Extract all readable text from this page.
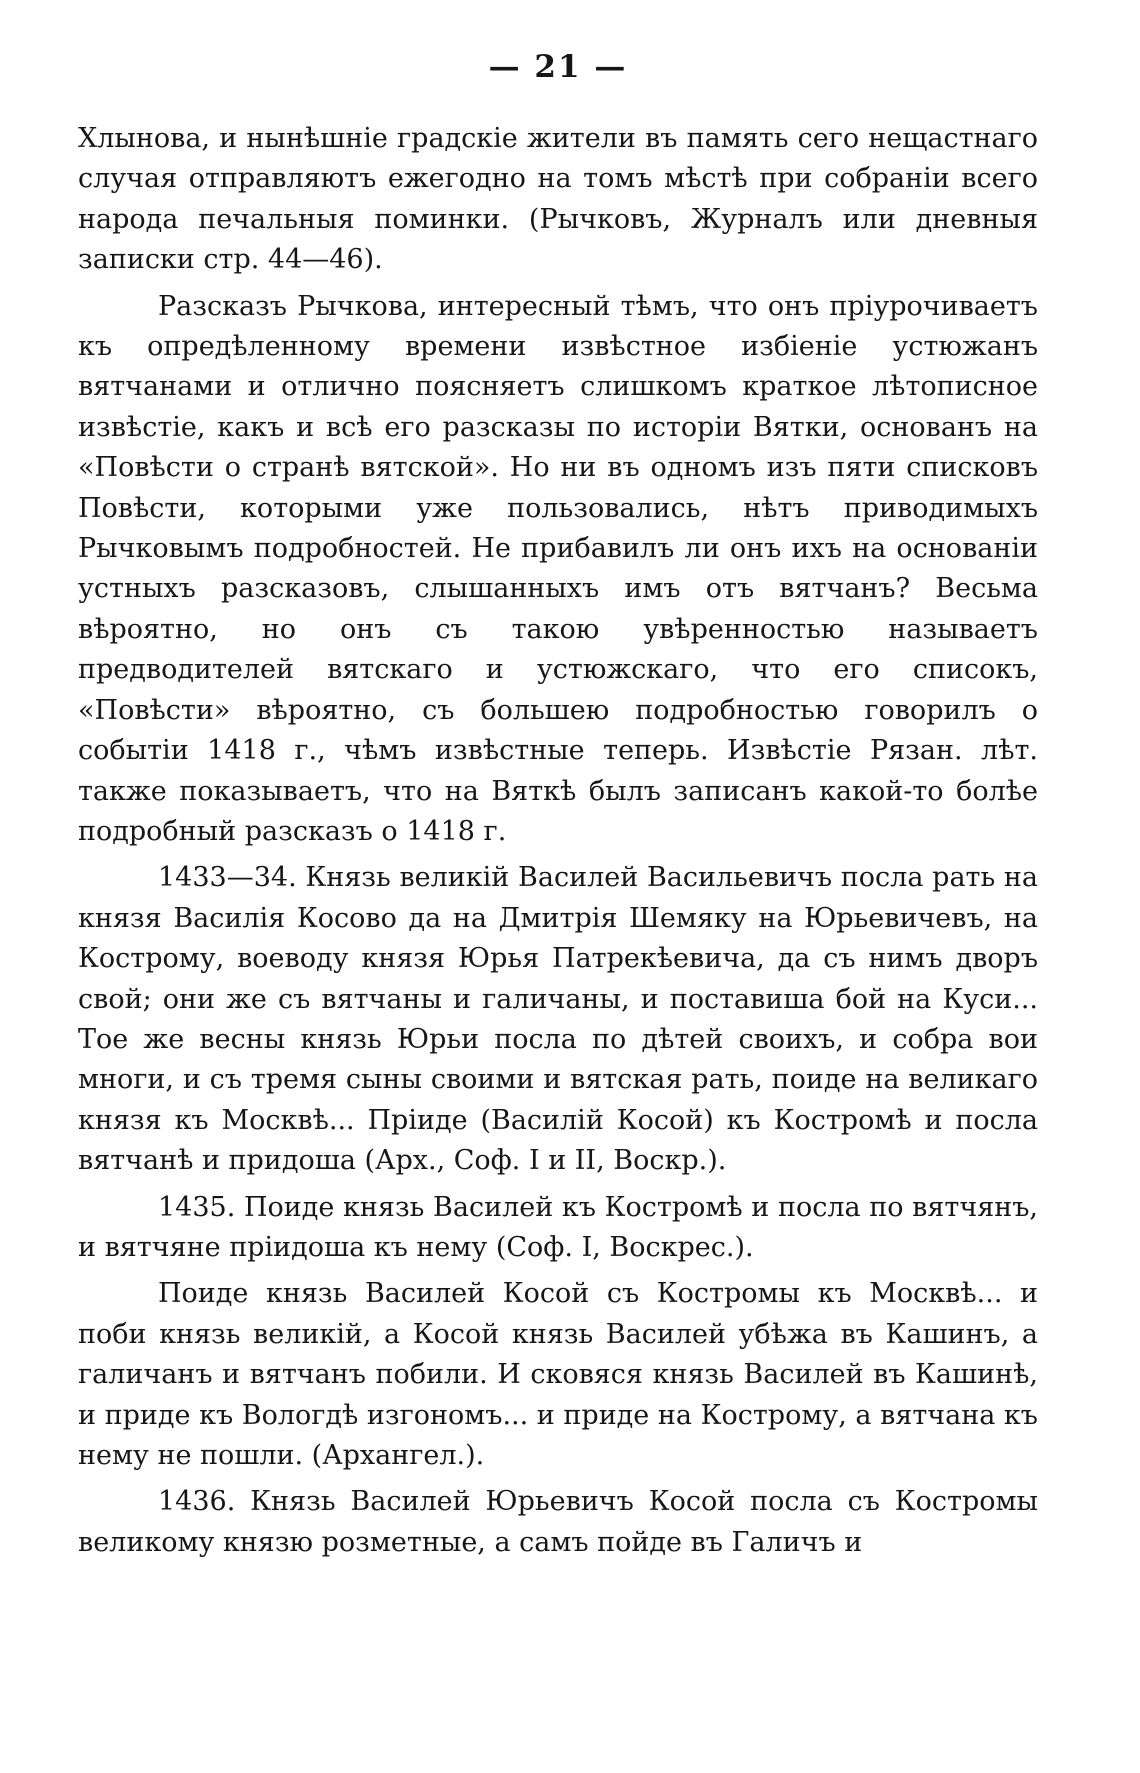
— 21 —

Хлынова, и нынѣшніе градскіе жители въ память сего нещастнаго случая отправляютъ ежегодно на томъ мѣстѣ при собраніи всего народа печальныя поминки. (Рычковъ, Журналъ или дневныя записки стр. 44—46).

Разсказъ Рычкова, интересный тѣмъ, что онъ пріурочиваетъ къ опредѣленному времени извѣстное избіеніе устюжанъ вятчанами и отлично поясняетъ слишкомъ краткое лѣтописное извѣстіе, какъ и всѣ его разсказы по исторіи Вятки, основанъ на «Повѣсти о странѣ вятской». Но ни въ одномъ изъ пяти списковъ Повѣсти, которыми уже пользовались, нѣтъ приводимыхъ Рычковымъ подробностей. Не прибавилъ ли онъ ихъ на основаніи устныхъ разсказовъ, слышанныхъ имъ отъ вятчанъ? Весьма вѣроятно, но онъ съ такою увѣренностью называетъ предводителей вятскаго и устюжскаго, что его списокъ, «Повѣсти» вѣроятно, съ большею подробностью говорилъ о событіи 1418 г., чѣмъ извѣстные теперь. Извѣстіе Рязан. лѣт. также показываетъ, что на Вяткѣ былъ записанъ какой-то болѣе подробный разсказъ о 1418 г.

1433—34. Князь великій Василей Васильевичъ посла рать на князя Василія Косово да на Дмитрія Шемяку на Юрьевичевъ, на Кострому, воеводу князя Юрья Патрекѣевича, да съ нимъ дворъ свой; они же съ вятчаны и галичаны, и поставиша бой на Куси... Тое же весны князь Юрьи посла по дѣтей своихъ, и собра вои многи, и съ тремя сыны своими и вятская рать, поиде на великаго князя къ Москвѣ... Пріиде (Василій Косой) къ Костромѣ и посла вятчанѣ и придоша (Арх., Соф. I и II, Воскр.).

1435. Поиде князь Василей къ Костромѣ и посла по вятчянъ, и вятчяне пріидоша къ нему (Соф. I, Воскрес.).

Поиде князь Василей Косой съ Костромы къ Москвѣ... и поби князь великій, а Косой князь Василей убѣжа въ Кашинъ, а галичанъ и вятчанъ побили. И сковяся князь Василей въ Кашинѣ, и приде къ Вологдѣ изгономъ... и приде на Кострому, а вятчана къ нему не пошли. (Архангел.).

1436. Князь Василей Юрьевичъ Косой посла съ Костромы великому князю розметные, а самъ пойде въ Галичъ и
